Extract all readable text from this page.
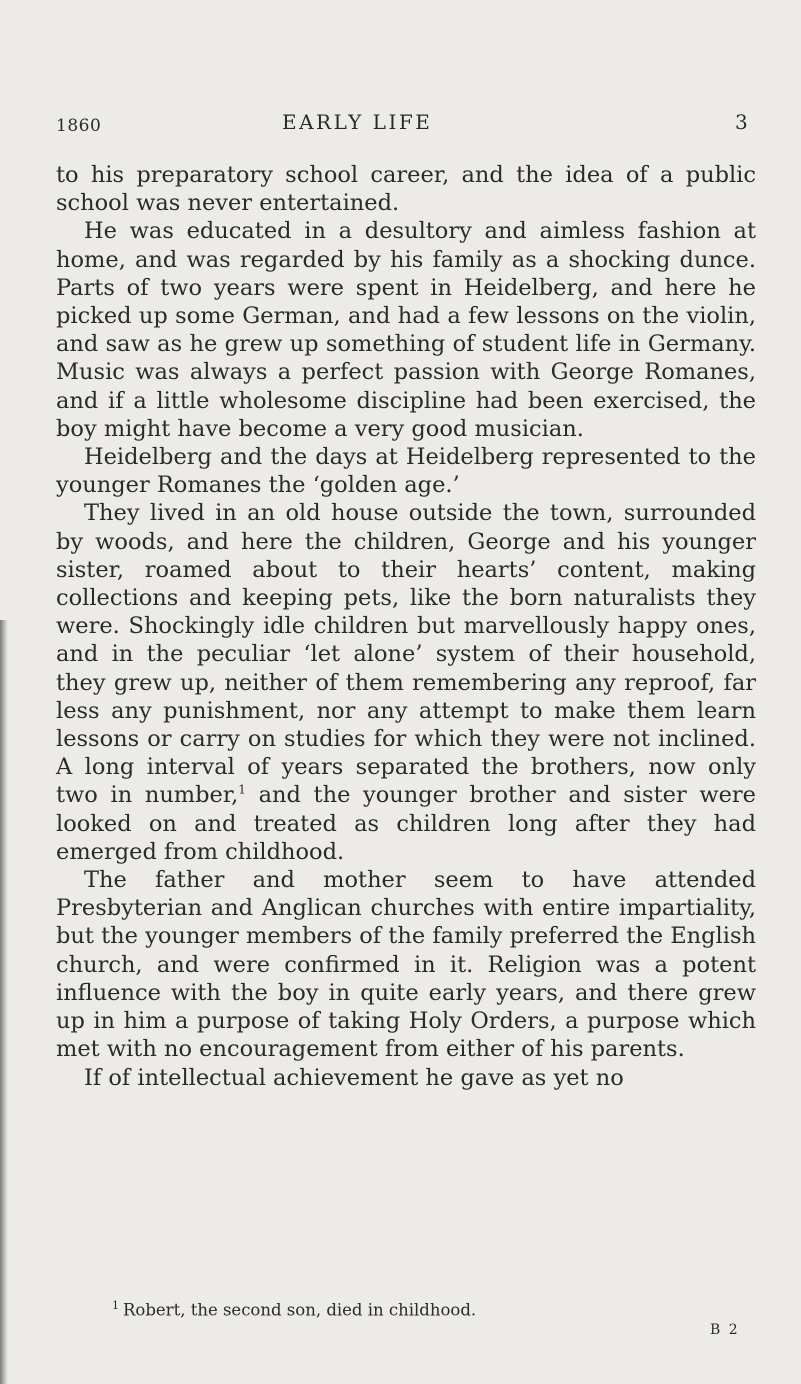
1860	EARLY LIFE	3

to his preparatory school career, and the idea of a public school was never entertained.

He was educated in a desultory and aimless fashion at home, and was regarded by his family as a shocking dunce. Parts of two years were spent in Heidelberg, and here he picked up some German, and had a few lessons on the violin, and saw as he grew up something of student life in Germany. Music was always a perfect passion with George Romanes, and if a little wholesome discipline had been exercised, the boy might have become a very good musician.

Heidelberg and the days at Heidelberg represented to the younger Romanes the ‘golden age.’

They lived in an old house outside the town, surrounded by woods, and here the children, George and his younger sister, roamed about to their hearts’ content, making collections and keeping pets, like the born naturalists they were. Shockingly idle children but marvellously happy ones, and in the peculiar ‘let alone’ system of their household, they grew up, neither of them remembering any reproof, far less any punishment, nor any attempt to make them learn lessons or carry on studies for which they were not inclined. A long interval of years separated the brothers, now only two in number,$^1$ and the younger brother and sister were looked on and treated as children long after they had emerged from childhood.

The father and mother seem to have attended Presbyterian and Anglican churches with entire impartiality, but the younger members of the family preferred the English church, and were confirmed in it. Religion was a potent influence with the boy in quite early years, and there grew up in him a purpose of taking Holy Orders, a purpose which met with no encouragement from either of his parents.

If of intellectual achievement he gave as yet no

$^1$ Robert, the second son, died in childhood.

B 2
